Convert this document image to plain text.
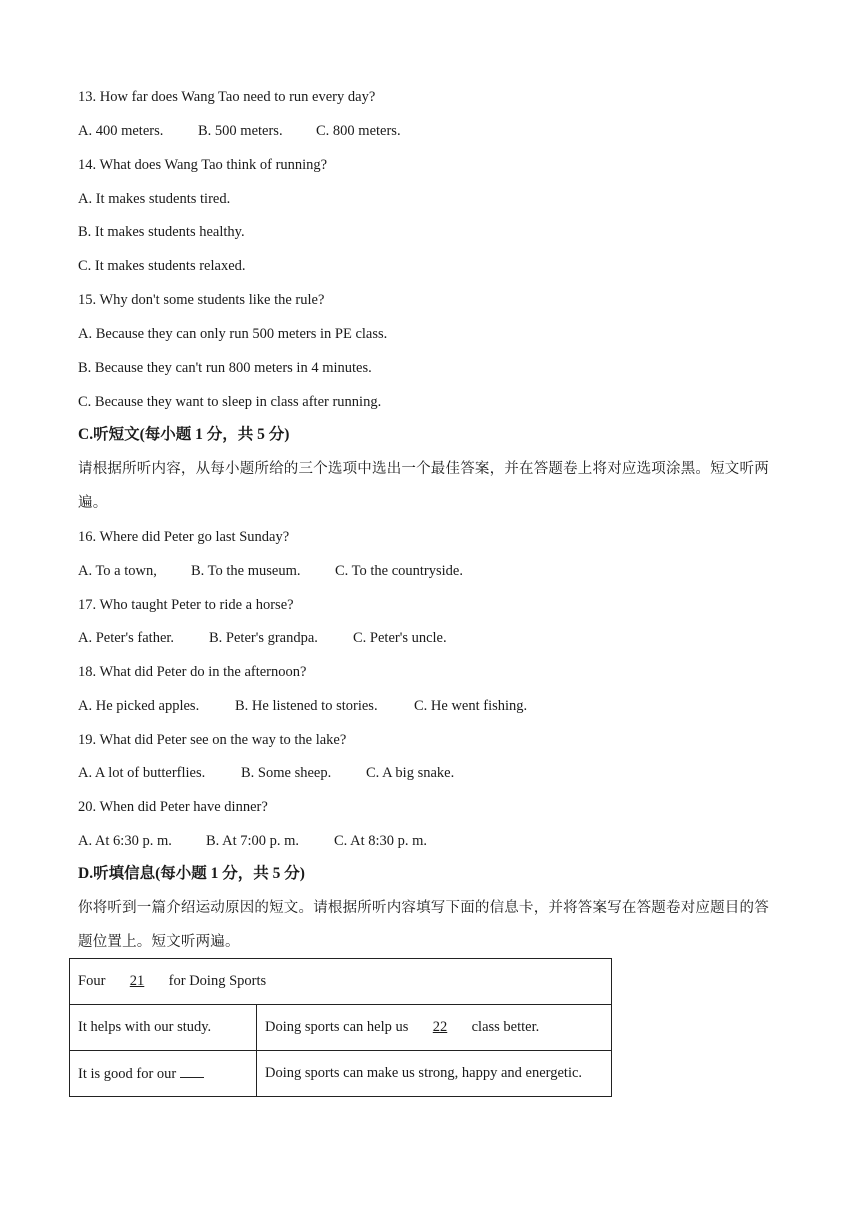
13. How far does Wang Tao need to run every day?
A. 400 meters. B. 500 meters. C. 800 meters.
14. What does Wang Tao think of running?
A. It makes students tired.
B. It makes students healthy.
C. It makes students relaxed.
15. Why don't some students like the rule?
A. Because they can only run 500 meters in PE class.
B. Because they can't run 800 meters in 4 minutes.
C. Because they want to sleep in class after running.
C.听短文(每小题 1 分，共 5 分)
请根据所听内容，从每小题所给的三个选项中选出一个最佳答案，并在答题卷上将对应选项涂黑。短文听两遍。
16. Where did Peter go last Sunday?
A. To a town, B. To the museum. C. To the countryside.
17. Who taught Peter to ride a horse?
A. Peter's father. B. Peter's grandpa. C. Peter's uncle.
18. What did Peter do in the afternoon?
A. He picked apples. B. He listened to stories.	C. He went fishing.
19. What did Peter see on the way to the lake?
A. A lot of butterflies. B. Some sheep. C. A big snake.
20. When did Peter have dinner?
A. At 6:30 p. m. B. At 7:00 p. m. C. At 8:30 p. m.
D.听填信息(每小题 1 分，共 5 分)
你将听到一篇介绍运动原因的短文。请根据所听内容填写下面的信息卡，并将答案写在答题卷对应题目的答题位置上。短文听两遍。
Four 21 for Doing Sports	
It helps with our study.	Doing sports can help us 22 class better.
It is good for our	Doing sports can make us strong, happy and energetic.
